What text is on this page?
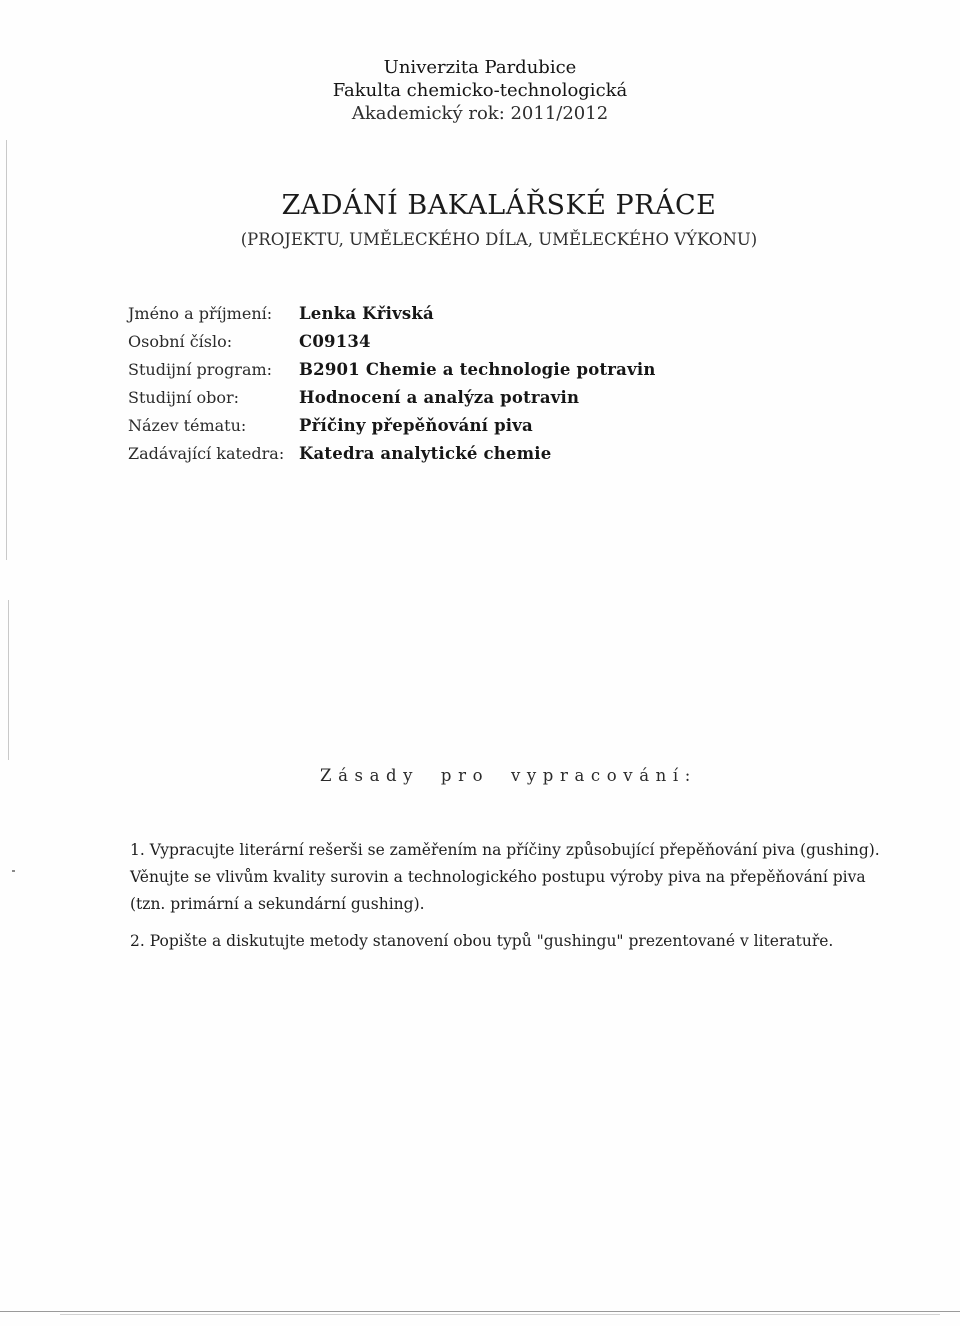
Univerzita Pardubice
Fakulta chemicko-technologická
Akademický rok: 2011/2012
ZADÁNÍ BAKALÁŘSKÉ PRÁCE
(PROJEKTU, UMĚLECKÉHO DÍLA, UMĚLECKÉHO VÝKONU)
Jméno a příjmení: Lenka Křivská
Osobní číslo:	C09134
Studijní program: B2901 Chemie a technologie potravin
Studijní obor:	Hodnocení a analýza potravin
Název tématu:	Příčiny přepěňování piva
Zadávající katedra: Katedra analytické chemie
Zásady pro vypracování:
1. Vypracujte literární rešerši se zaměřením na příčiny způsobující přepěňování piva (gushing).
Věnujte se vlivům kvality surovin a technologického postupu výroby piva na přepěňování piva
(tzn. primární a sekundární gushing).
2. Popište a diskutujte metody stanovení obou typů "gushingu" prezentované v literatuře.
